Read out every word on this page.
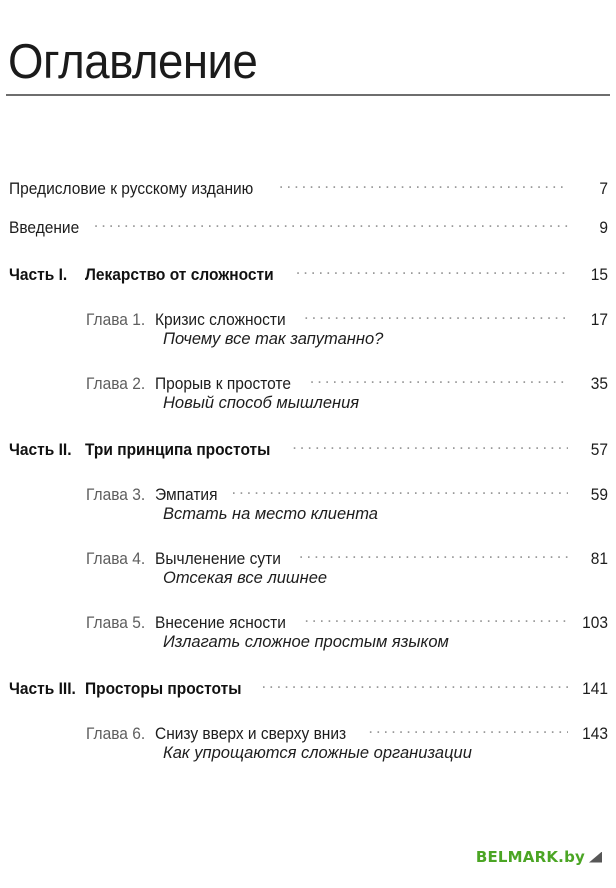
Оглавление
Предисловие к русскому изданию .....	7
Введение .....	9
Часть I.	Лекарство от сложности .....	15
Глава 1. Кризис сложности .....	17
Почему все так запутанно?
Глава 2. Прорыв к простоте .....	35
Новый способ мышления
Часть II. Три принципа простоты .....	57
Глава 3. Эмпатия .....	59
Встать на место клиента
Глава 4. Вычленение сути .....	81
Отсекая все лишнее
Глава 5. Внесение ясности .....	103
Излагать сложное простым языком
Часть III. Просторы простоты .....	141
Глава 6. Снизу вверх и сверху вниз .....	143
Как упрощаются сложные организации
BELMARK.by
